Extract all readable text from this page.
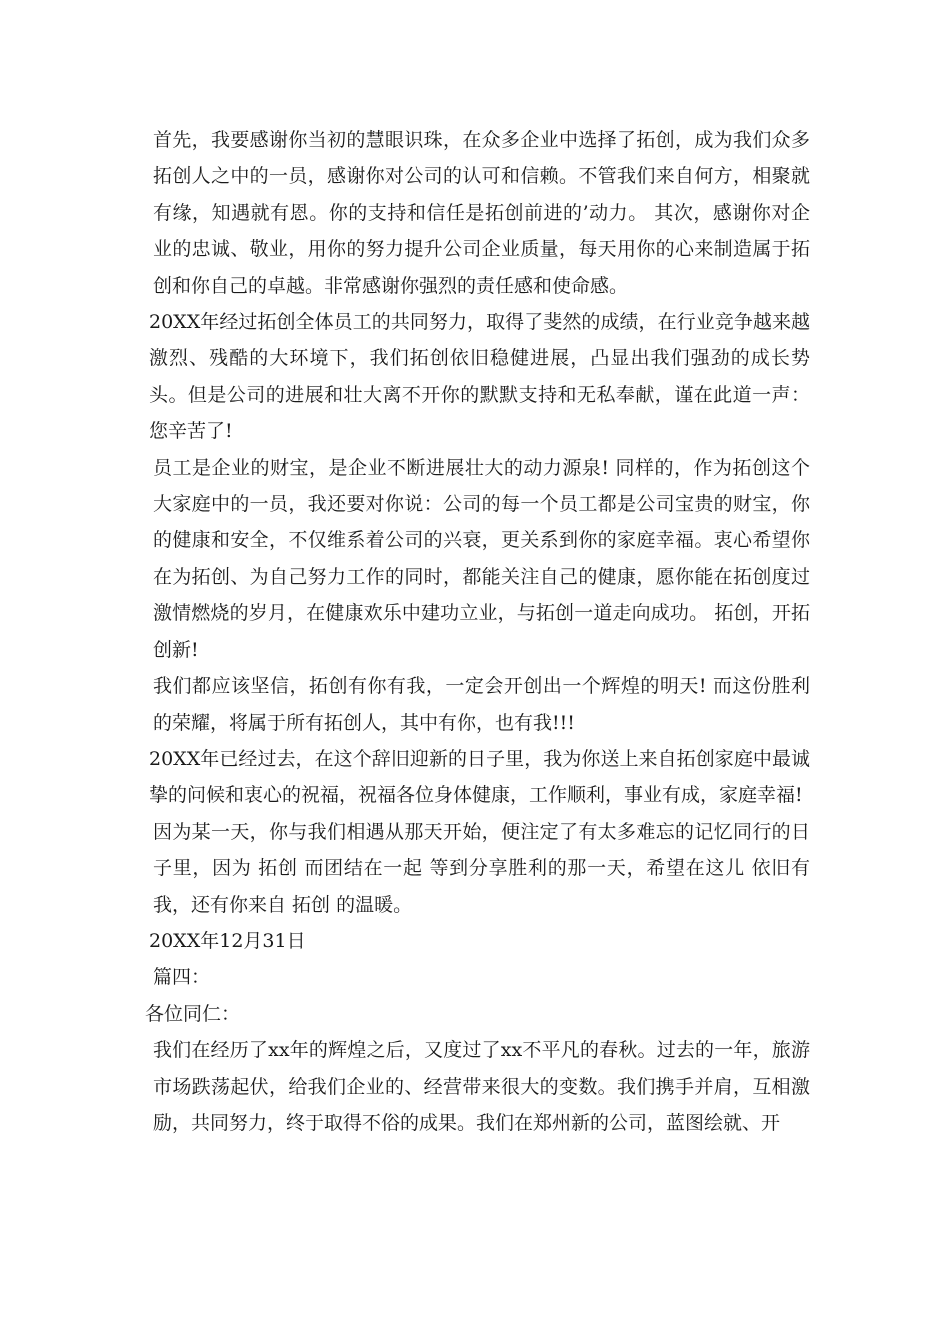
首先，我要感谢你当初的慧眼识珠，在众多企业中选择了拓创，成为我们众多拓创人之中的一员，感谢你对公司的认可和信赖。不管我们来自何方，相聚就有缘，知遇就有恩。你的支持和信任是拓创前进的’动力。 其次，感谢你对企业的忠诚、敬业，用你的努力提升公司企业质量，每天用你的心来制造属于拓创和你自己的卓越。非常感谢你强烈的责任感和使命感。

20XX年经过拓创全体员工的共同努力，取得了斐然的成绩，在行业竞争越来越激烈、残酷的大环境下，我们拓创依旧稳健进展，凸显出我们强劲的成长势头。但是公司的进展和壮大离不开你的默默支持和无私奉献，谨在此道一声：您辛苦了!

员工是企业的财宝，是企业不断进展壮大的动力源泉! 同样的，作为拓创这个大家庭中的一员，我还要对你说：公司的每一个员工都是公司宝贵的财宝，你的健康和安全，不仅维系着公司的兴衰，更关系到你的家庭幸福。衷心希望你在为拓创、为自己努力工作的同时，都能关注自己的健康，愿你能在拓创度过激情燃烧的岁月，在健康欢乐中建功立业，与拓创一道走向成功。 拓创，开拓创新!

我们都应该坚信，拓创有你有我，一定会开创出一个辉煌的明天! 而这份胜利的荣耀，将属于所有拓创人，其中有你，也有我!!!

20XX年已经过去，在这个辞旧迎新的日子里，我为你送上来自拓创家庭中最诚挚的问候和衷心的祝福，祝福各位身体健康，工作顺利，事业有成，家庭幸福!

因为某一天，你与我们相遇从那天开始，便注定了有太多难忘的记忆同行的日子里，因为 拓创 而团结在一起 等到分享胜利的那一天，希望在这儿 依旧有我，还有你来自 拓创 的温暖。

20XX年12月31日

篇四：

各位同仁：

我们在经历了xx年的辉煌之后，又度过了xx不平凡的春秋。过去的一年，旅游市场跌荡起伏，给我们企业的、经营带来很大的变数。我们携手并肩，互相激励，共同努力，终于取得不俗的成果。我们在郑州新的公司，蓝图绘就、开
